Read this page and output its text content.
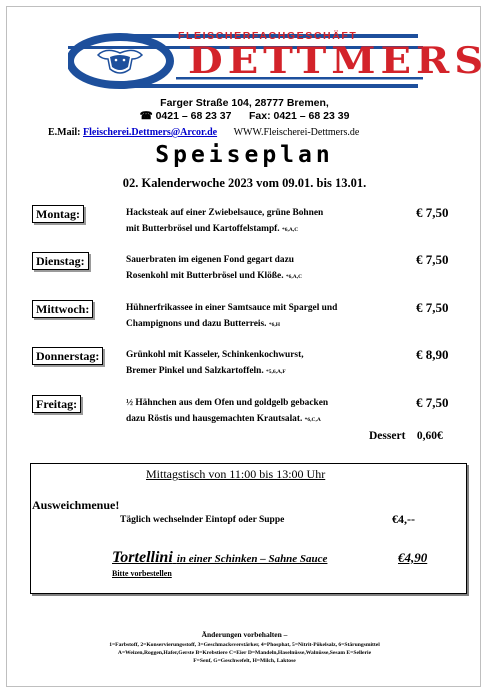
FLEISCHERFACHGESCHÄFT
DETTMERS
Farger Straße 104, 28777 Bremen,
☎ 0421 – 68 23 37 Fax: 0421 – 68 23 39
E.Mail: Fleischerei.Dettmers@Arcor.de WWW.Fleischerei-Dettmers.de
Speiseplan
02. Kalenderwoche 2023 vom 09.01. bis 13.01.
Montag:	Hacksteak auf einer Zwiebelsauce, grüne Bohnen
mit Butterbrösel und Kartoffelstampf. *6,A,C
€ 7,50
Dienstag:	Sauerbraten im eigenen Fond gegart dazu
Rosenkohl mit Butterbrösel und Klöße. *6,A,C
€ 7,50
Mittwoch:	Hühnerfrikassee in einer Samtsauce mit Spargel und
Champignons und dazu Butterreis. *6,H
€ 7,50
Donnerstag:	Grünkohl mit Kasseler, Schinkenkochwurst,
Bremer Pinkel und Salzkartoffeln. *5,6,A,F
€ 8,90
Freitag:	½ Hähnchen aus dem Ofen und goldgelb gebacken
dazu Röstis und hausgemachten Krautsalat. *6,C,A
€ 7,50
Dessert 0,60€
Mittagstisch von 11:00 bis 13:00 Uhr
Ausweichmenue!
Täglich wechselnder Eintopf oder Suppe	€4,--
Tortellini in einer Schinken – Sahne Sauce	€4,90
Bitte vorbestellen
Änderungen vorbehalten –
1=Farbstoff, 2=Konservierungsstoff, 3=Geschmacksverstärker, 4=Phosphat, 5=Nitrit-Pökelsalz, 6=Stärungsmittel
A=Weizen,Roggen,Hafer,Gerste B=Krebstiere C=Eier D=Mandeln,Haselnüsse,Walnüsse,Sesam E=Sellerie
F=Senf, G=Geschwefelt, H=Milch, Laktose
